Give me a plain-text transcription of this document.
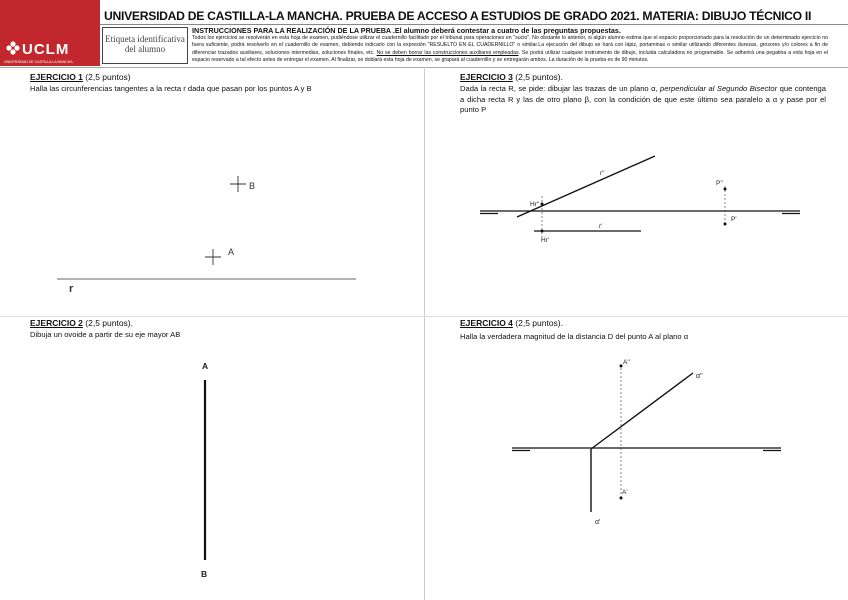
UCLM
UNIVERSIDAD DE CASTILLA-LA MANCHA
Etiqueta identificativa
del alumno
UNIVERSIDAD DE CASTILLA-LA MANCHA. PRUEBA DE ACCESO A ESTUDIOS DE GRADO 2021. MATERIA: DIBUJO TÉCNICO II
INSTRUCCIONES PARA LA REALIZACIÓN DE LA PRUEBA .El alumno deberá contestar a cuatro de las preguntas propuestas.
Todos los ejercicios se resolverán en esta hoja de examen, pudiéndose utilizar el cuadernillo facilitado por el tribunal para operaciones en "sucio". No obstante lo anterior, si algún alumno estima que el espacio proporcionado para la resolución de un determinado ejercicio no fuera suficiente, podrá resolverlo en el cuadernillo de examen, debiendo indicarlo con la expresión "RESUELTO EN EL CUADERNILLO" o similar.La ejecución del dibujo se hará con lápiz, portaminas o similar utilizando diferentes durezas, grosores y/o colores a fin de diferenciar trazados auxiliares, soluciones intermedias, soluciones finales, etc. No se deben borrar las construcciones auxiliares empleadas. Se podrá utilizar cualquier instrumento de dibujo, incluida calculadora no programable. Se adherirá una pegatina a esta hoja en el espacio reservado a tal efecto antes de entregar el examen. Al finalizar, se doblará esta hoja de examen, se grapará al cuadernillo y se entregarán ambos. La duración de la prueba es de 90 minutos.
EJERCICIO 1 (2,5 puntos)
Halla las circunferencias tangentes a la recta r dada que pasan por los puntos A y B
EJERCICIO 2 (2,5 puntos).
Dibuja un ovoide a partir de su eje mayor AB
EJERCICIO 3 (2,5 puntos).
Dada la recta R, se pide: dibujar las trazas de un plano α, perpendicular al Segundo Bisector que contenga a dicha recta R y las de otro plano β, con la condición de que este último sea paralelo a α y pase por el punto P
EJERCICIO 4 (2,5 puntos).
Halla la verdadera magnitud de la distancia D del punto A al plano α
B
A
r
A
B
r''
r'
Hr''
Hr'
P''
P'
A''
A'
α''
α'
